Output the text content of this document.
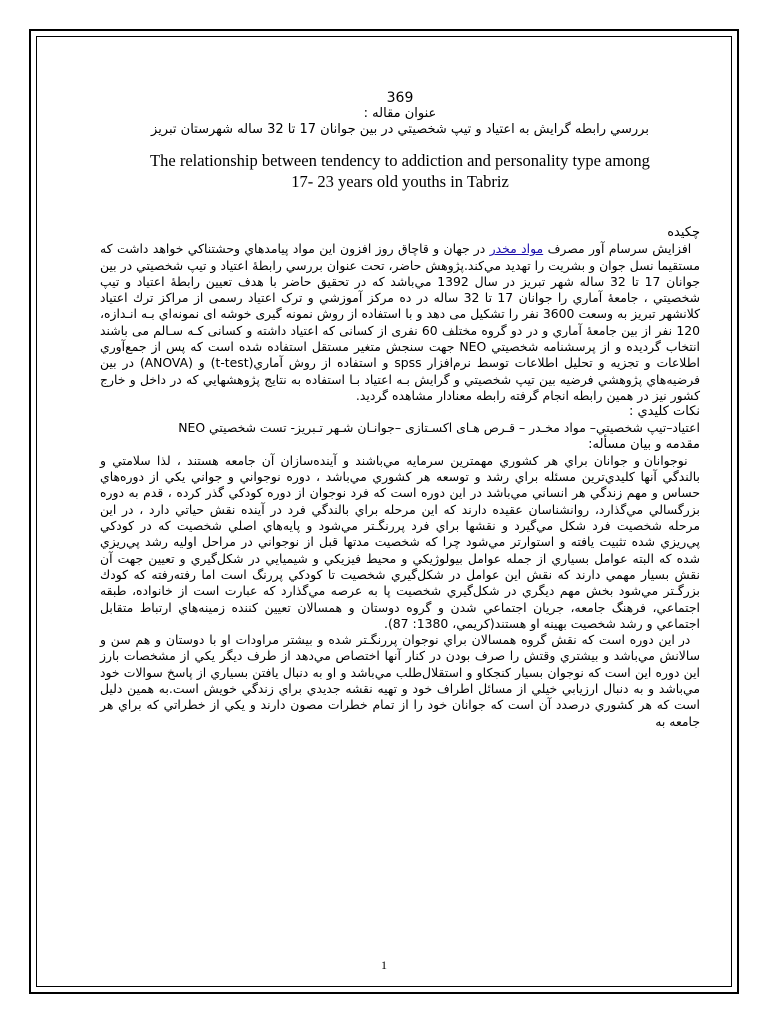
369
عنوان مقاله :
بررسي رابطه گرايش به اعتياد و تيپ شخصيتي در بين جوانان 17 تا 32 ساله شهرستان تبريز
The relationship between tendency to addiction and personality type among
17- 23 years old youths in Tabriz
چكيده
افزايش سرسام آور مصرف مواد مخدر در جهان و قاچاق روز افزون اين مواد پيامدهاي وحشتناكي خواهد داشت كه مستقيما نسل جوان و بشريت را تهديد مي‌كند.پژوهش حاضر، تحت عنوان بررسي رابطهٔ اعتياد و تيپ شخصيتي در بين جوانان 17 تا 32 ساله شهر تبريز در سال 1392 مي‌باشد كه در تحقيق حاضر با هدف تعيين رابطهٔ اعتياد و تيپ شخصيتي ، جامعهٔ آماري را جوانان 17 تا 32 ساله در ده مركز آموزشي و ترک اعتياد رسمی از مراكز ترك اعتياد كلانشهر تبريز به وسعت 3600 نفر را تشكيل می دهد و با استفاده از روش نمونه گيری خوشه ای نمونه‌اي بـه انـدازه، 120 نفر از بين جامعهٔ آماري و در دو گروه مختلف 60 نفری از كسانی كه اعتياد داشته و كسانی كـه سـالم می باشند انتخاب گرديده و از پرسشنامه شخصيتي NEO جهت سنجش متغير مستقل استفاده شده است كه پس از جمع‌آوري اطلاعات و تجزيه و تحليل اطلاعات توسط نرم‌افزار spss و استفاده از روش آماري(t-test) و (ANOVA) در بين فرضيه‌هاي پژوهشي فرضيه بين تيپ شخصيتي و گرايش بـه اعتياد بـا استفاده به نتايج پژوهشهايي كه در داخل و خارج كشور نيز در همين رابطه انجام گرفته رابطه معنادار مشاهده گرديد.
نكات كليدي :
اعتياد–تيپ شخصيتي– مواد مخـدر – قـرص هـای اكسـتازی –جوانـان شـهر تـبريز- تست شخصيتي NEO
مقدمه و بيان مسأله:
نوجوانان و جوانان براي هر كشوري مهمترين سرمايه مي‌باشند و آينده‌سازان آن جامعه هستند ، لذا سلامتي و بالندگي آنها كليدي‌ترين مسئله براي رشد و توسعه هر كشوري مي‌باشد ، دوره نوجواني و جواني يكي از دوره‌هاي حساس و مهم زندگي هر انساني مي‌باشد در اين دوره است كه فرد نوجوان از دوره كودكي گذر كرده ، قدم به دوره بزرگسالي مي‌گذارد، روانشناسان عقيده دارند كه اين مرحله براي بالندگي فرد در آينده نقش حياتي دارد ، در اين مرحله شخصيت فرد شكل مي‌گيرد و نقشها براي فرد پررنگـتر مي‌شود و پايه‌هاي اصلي شخصيت كه در كودكي پي‌ريزي شده تثبيت يافته و استوارتر مي‌شود چرا كه شخصيت مدتها قبل از نوجواني در مراحل اوليه رشد پي‌ريزي شده كه البته عوامل بسياري از جمله عوامل بيولوژيكي و محيط فيزيكي و شيميايي در شكل‌گيري و تعيين جهت آن نقش بسيار مهمي دارند كه نقش اين عوامل در شكل‌گيري شخصيت تا كودكي پررنگ است اما رفته‌رفته كه كودك بزرگـتر مي‌شود بخش مهم ديگري در شكل‌گيري شخصيت پا به عرصه مي‌گذارد كه عبارت است از خانواده، طبقه اجتماعي، فرهنگ جامعه، جريان اجتماعي شدن و گروه دوستان و همسالان تعيين كننده زمينه‌هاي ارتباط متقابل اجتماعي و رشد شخصيت بهينه او هستند(كريمي، 1380: 87).
در اين دوره است كه نقش گروه همسالان براي نوجوان پررنگـتر شده و بيشتر مراودات او با دوستان و هم سن و سالانش مي‌باشد و بيشتري وقتش را صرف بودن در كنار آنها اختصاص مي‌دهد از طرف ديگر يكي از مشخصات بارز اين دوره اين است كه نوجوان بسيار كنجكاو و استقلال‌طلب مي‌باشد و او به دنبال يافتن بسياري از پاسخ سوالات خود مي‌باشد و به دنبال ارزيابي خيلي از مسائل اطراف خود و تهيه نقشه جديدي براي زندگي خويش است.به همين دليل است كه هر كشوري درصدد آن است كه جوانان خود را از تمام خطرات مصون دارند و يكي از خطراتي كه براي هر جامعه به
1
